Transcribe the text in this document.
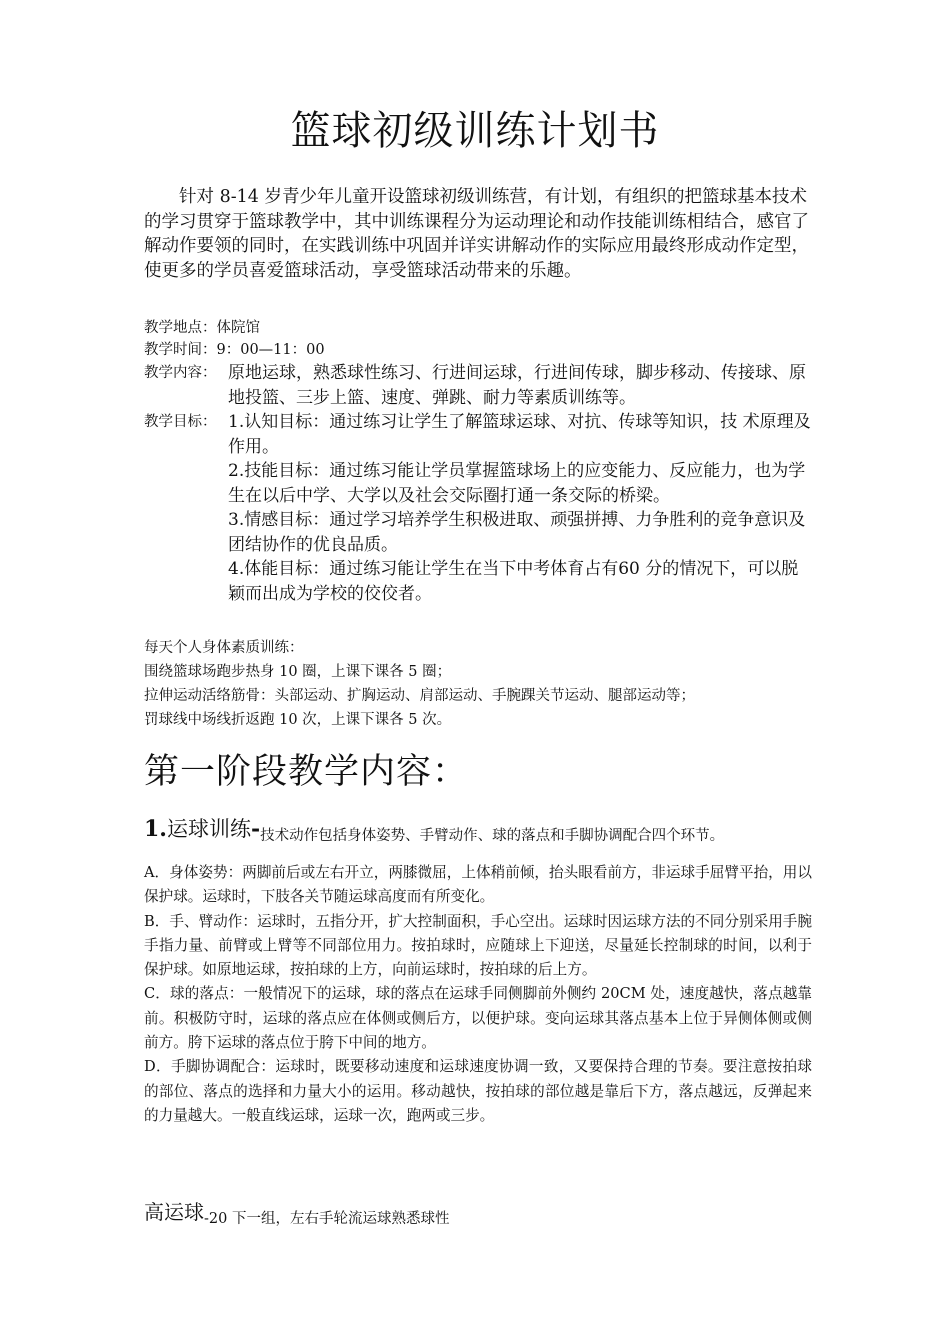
篮球初级训练计划书
针对 8-14 岁青少年儿童开设篮球初级训练营，有计划，有组织的把篮球基本技术的学习贯穿于篮球教学中，其中训练课程分为运动理论和动作技能训练相结合，感官了解动作要领的同时，在实践训练中巩固并详实讲解动作的实际应用最终形成动作定型，使更多的学员喜爱篮球活动，享受篮球活动带来的乐趣。
教学地点：体院馆
教学时间：9：00—11：00
教学内容： 原地运球，熟悉球性练习、行进间运球，行进间传球，脚步移动、传接球、原地投篮、三步上篮、速度、弹跳、耐力等素质训练等。
教学目标： 1.认知目标：通过练习让学生了解篮球运球、对抗、传球等知识，技 术原理及作用。
2.技能目标：通过练习能让学员掌握篮球场上的应变能力、反应能力，也为学生在以后中学、大学以及社会交际圈打通一条交际的桥梁。
3.情感目标：通过学习培养学生积极进取、顽强拼搏、力争胜利的竞争意识及团结协作的优良品质。
4.体能目标：通过练习能让学生在当下中考体育占有60 分的情况下，可以脱颖而出成为学校的佼佼者。
每天个人身体素质训练：
围绕篮球场跑步热身 10 圈，上课下课各 5 圈；
拉伸运动活络筋骨：头部运动、扩胸运动、肩部运动、手腕踝关节运动、腿部运动等；
罚球线中场线折返跑 10 次，上课下课各 5 次。
第一阶段教学内容：
1.运球训练-技术动作包括身体姿势、手臂动作、球的落点和手脚协调配合四个环节。

A．身体姿势：两脚前后或左右开立，两膝微屈，上体稍前倾，抬头眼看前方，非运球手屈臂平抬，用以保护球。运球时，下肢各关节随运球高度而有所变化。

B．手、臂动作：运球时，五指分开，扩大控制面积，手心空出。运球时因运球方法的不同分别采用手腕手指力量、前臂或上臂等不同部位用力。按拍球时，应随球上下迎送，尽量延长控制球的时间，以利于保护球。如原地运球，按拍球的上方，向前运球时，按拍球的后上方。

C．球的落点：一般情况下的运球，球的落点在运球手同侧脚前外侧约 20CM 处，速度越快，落点越靠前。积极防守时，运球的落点应在体侧或侧后方，以便护球。变向运球其落点基本上位于异侧体侧或侧前方。胯下运球的落点位于胯下中间的地方。

D．手脚协调配合：运球时，既要移动速度和运球速度协调一致，又要保持合理的节奏。要注意按拍球的部位、落点的选择和力量大小的运用。移动越快，按拍球的部位越是靠后下方，落点越远，反弹起来的力量越大。一般直线运球，运球一次，跑两或三步。

高运球-20 下一组，左右手轮流运球熟悉球性
